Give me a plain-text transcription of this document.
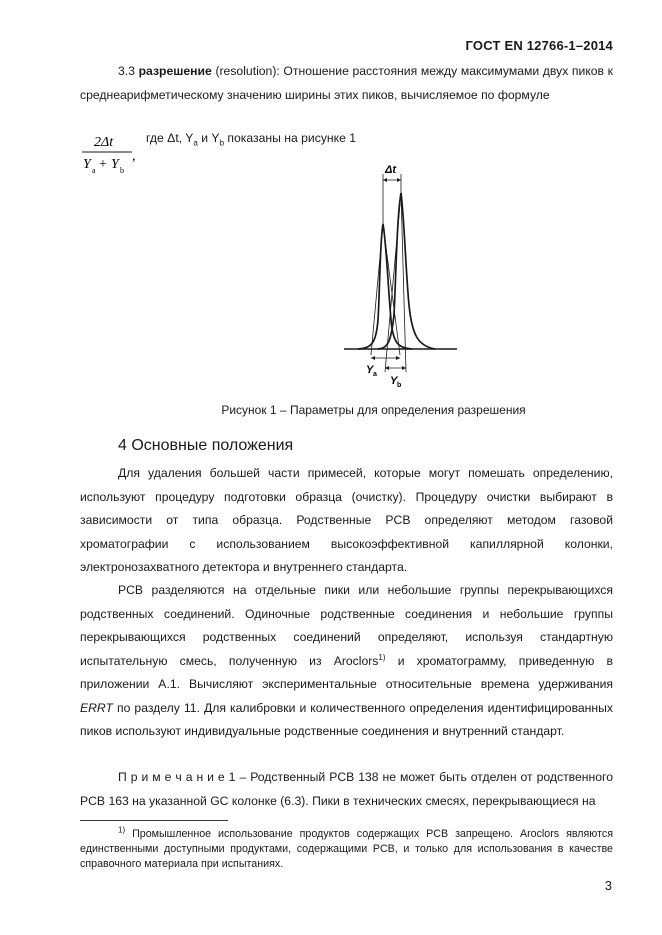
ГОСТ EN 12766-1–2014
3.3 разрешение (resolution): Отношение расстояния между максимумами двух пиков к среднеарифметическому значению ширины этих пиков, вычисляемое по формуле
2Δt
Y a + Y b
,
где Δt, $Y_a$ и $Y_b$ показаны на рисунке 1
Δt
Y a
Y b
Рисунок 1 – Параметры для определения разрешения
4 Основные положения
Для удаления большей части примесей, которые могут помешать определению, используют процедуру подготовки образца (очистку). Процедуру очистки выбирают в зависимости от типа образца. Родственные PCB определяют методом газовой хроматографии с использованием высокоэффективной капиллярной колонки, электронозахватного детектора и внутреннего стандарта.
PCB разделяются на отдельные пики или небольшие группы перекрывающихся родственных соединений. Одиночные родственные соединения и небольшие группы перекрывающихся родственных соединений определяют, используя стандартную испытательную смесь, полученную из Aroclors$^{1)}$ и хроматограмму, приведенную в приложении А.1. Вычисляют экспериментальные относительные времена удерживания ERRT по разделу 11. Для калибровки и количественного определения идентифицированных пиков используют индивидуальные родственные соединения и внутренний стандарт.
П р и м е ч а н и е 1 – Родственный PCB 138 не может быть отделен от родственного PCB 163 на указанной GC колонке (6.3). Пики в технических смесях, перекрывающиеся на
$^{1)}$ Промышленное использование продуктов содержащих PCB запрещено. Aroclors являются единственными доступными продуктами, содержащими PCB, и только для использования в качестве справочного материала при испытаниях.
3
